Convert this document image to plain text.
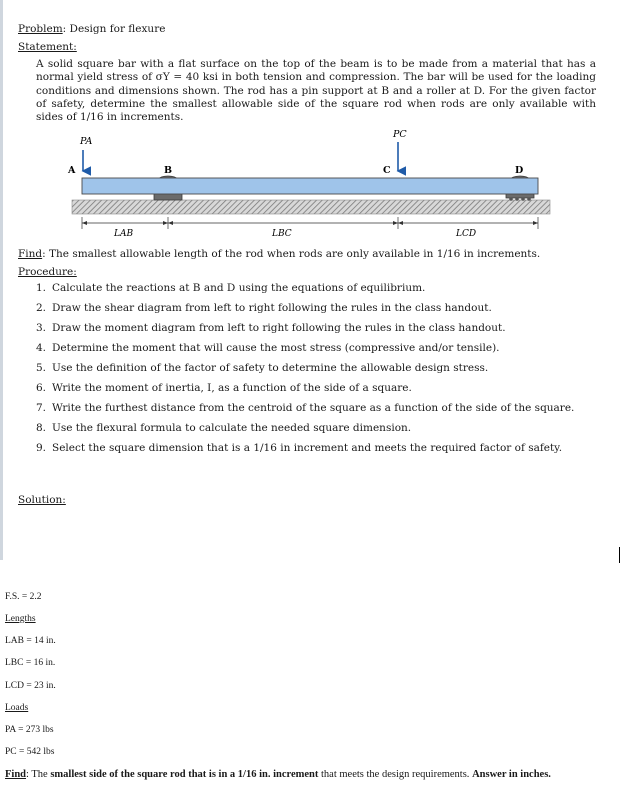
Problem: Design for flexure
Statement:
A solid square bar with a flat surface on the top of the beam is to be made from a material that has a normal yield stress of σY = 40 ksi in both tension and compression. The bar will be used for the loading conditions and dimensions shown. The rod has a pin support at B and a roller at D. For the given factor of safety, determine the smallest allowable side of the square rod when rods are only available with sides of 1/16 in increments.
PA
PC
A	B	C	D
LAB	LBC	LCD
Find: The smallest allowable length of the rod when rods are only available in 1/16 in increments.
Procedure:
1. Calculate the reactions at B and D using the equations of equilibrium.
2. Draw the shear diagram from left to right following the rules in the class handout.
3. Draw the moment diagram from left to right following the rules in the class handout.
4. Determine the moment that will cause the most stress (compressive and/or tensile).
5. Use the definition of the factor of safety to determine the allowable design stress.
6. Write the moment of inertia, I, as a function of the side of a square.
7. Write the furthest distance from the centroid of the square as a function of the side of the square.
8. Use the flexural formula to calculate the needed square dimension.
9. Select the square dimension that is a 1/16 in increment and meets the required factor of safety.
Solution:
F.S. = 2.2
Lengths
LAB = 14 in.
LBC = 16 in.
LCD = 23 in.
Loads
PA = 273 lbs
PC = 542 lbs
Find: The smallest side of the square rod that is in a 1/16 in. increment that meets the design requirements. Answer in inches.
